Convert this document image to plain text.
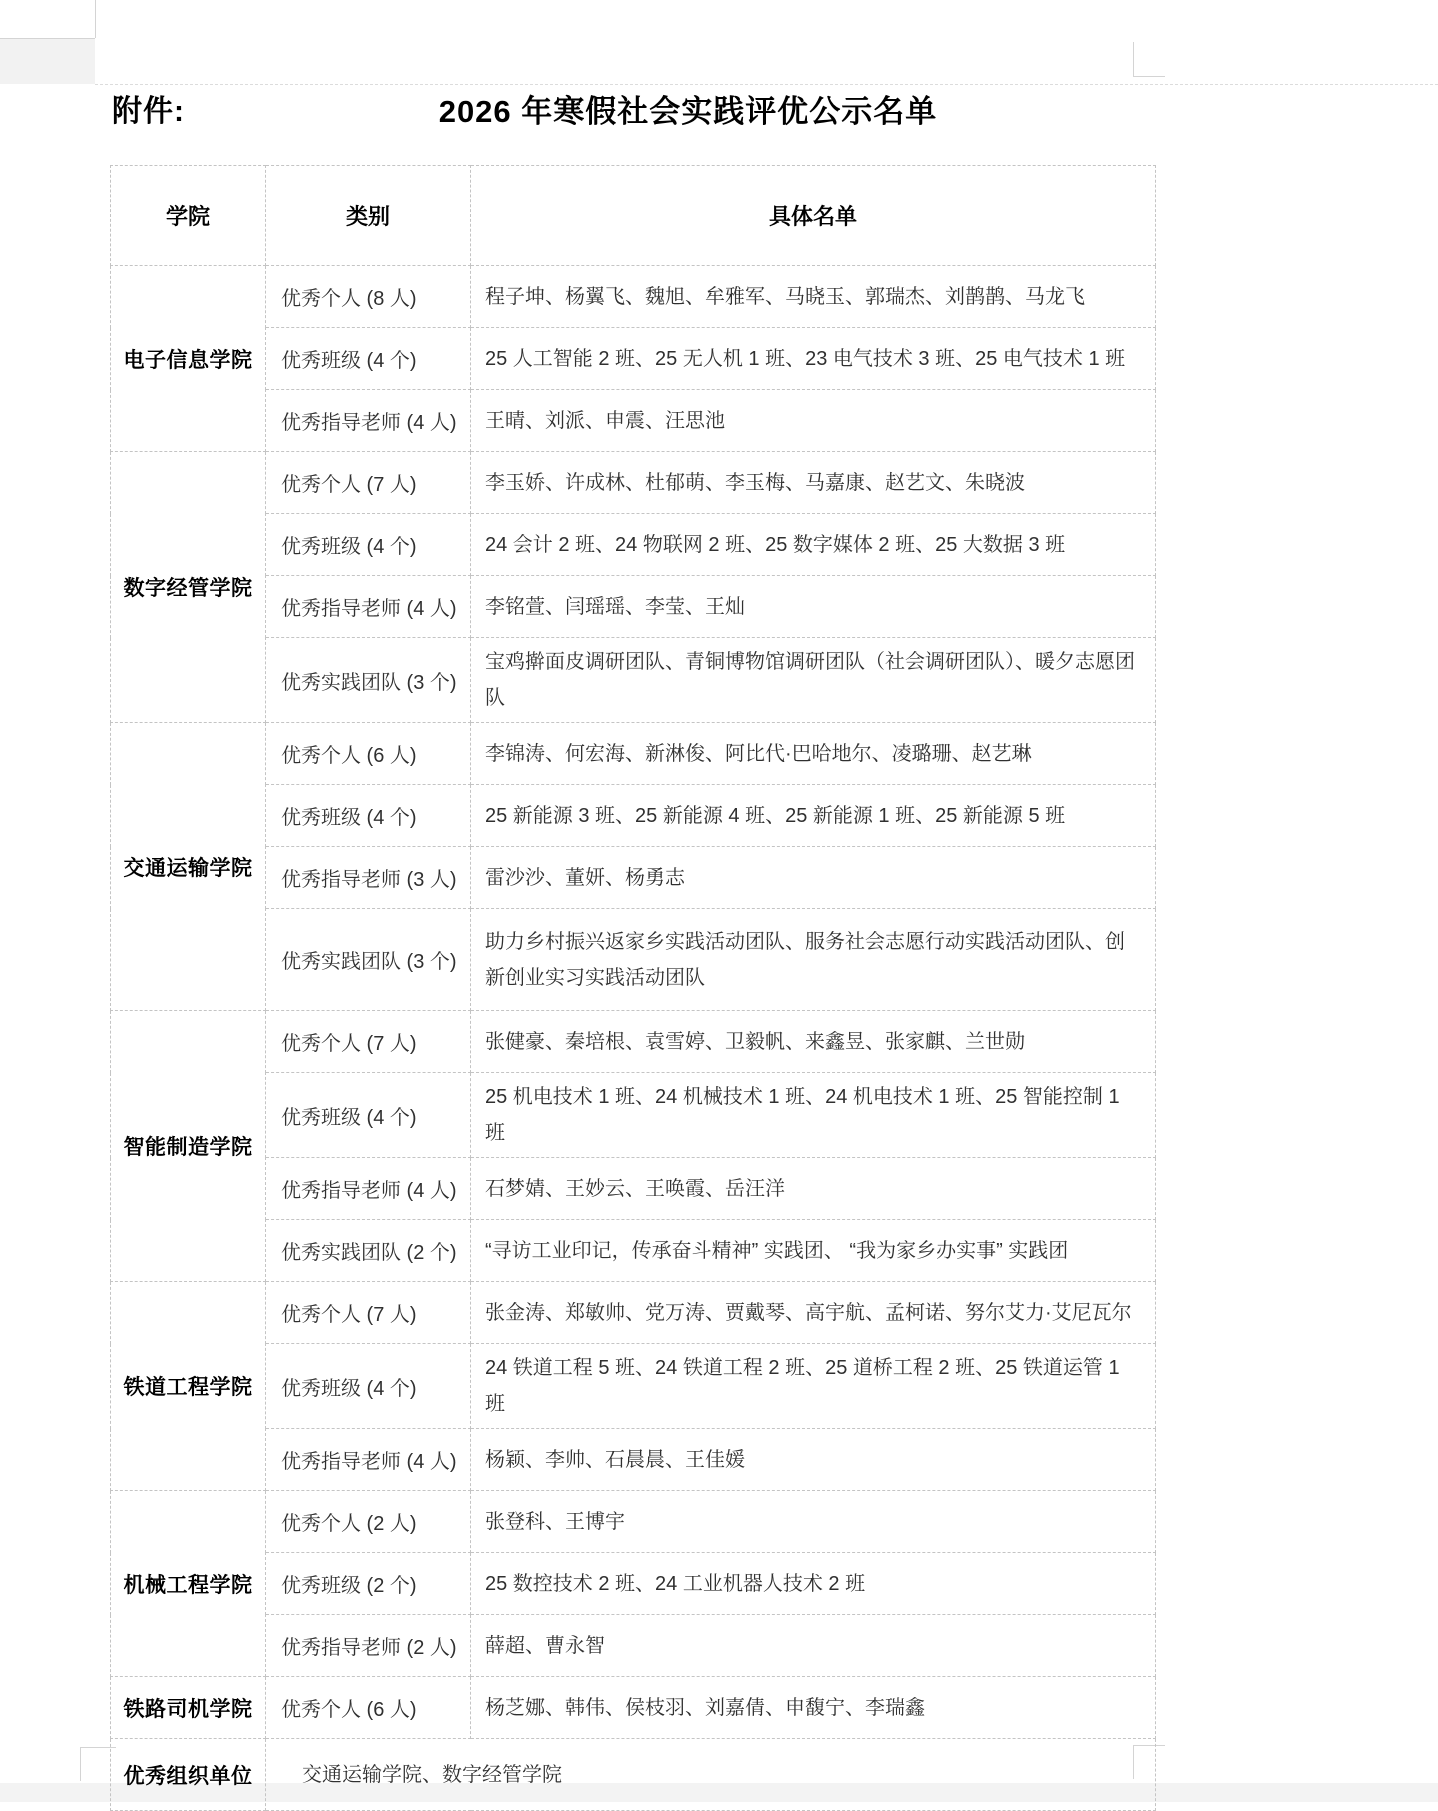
附件:	2026 年寒假社会实践评优公示名单
学院	类别	具体名单
电子信息学院	优秀个人 (8 人)	程子坤、杨翼飞、魏旭、牟雅军、马晓玉、郭瑞杰、刘鹊鹊、马龙飞
	优秀班级 (4 个)	25 人工智能 2 班、25 无人机 1 班、23 电气技术 3 班、25 电气技术 1 班
	优秀指导老师 (4 人)	王晴、刘派、申震、汪思池
数字经管学院	优秀个人 (7 人)	李玉娇、许成林、杜郁萌、李玉梅、马嘉康、赵艺文、朱晓波
	优秀班级 (4 个)	24 会计 2 班、24 物联网 2 班、25 数字媒体 2 班、25 大数据 3 班
	优秀指导老师 (4 人)	李铭萱、闫瑶瑶、李莹、王灿
	优秀实践团队 (3 个)	宝鸡擀面皮调研团队、青铜博物馆调研团队（社会调研团队）、暖夕志愿团队
交通运输学院	优秀个人 (6 人)	李锦涛、何宏海、新淋俊、阿比代·巴哈地尔、凌璐珊、赵艺琳
	优秀班级 (4 个)	25 新能源 3 班、25 新能源 4 班、25 新能源 1 班、25 新能源 5 班
	优秀指导老师 (3 人)	雷沙沙、董妍、杨勇志
	优秀实践团队 (3 个)	助力乡村振兴返家乡实践活动团队、服务社会志愿行动实践活动团队、创新创业实习实践活动团队
智能制造学院	优秀个人 (7 人)	张健豪、秦培根、袁雪婷、卫毅帆、来鑫昱、张家麒、兰世勋
	优秀班级 (4 个)	25 机电技术 1 班、24 机械技术 1 班、24 机电技术 1 班、25 智能控制 1 班
	优秀指导老师 (4 人)	石梦婧、王妙云、王唤霞、岳汪洋
	优秀实践团队 (2 个)	“寻访工业印记，传承奋斗精神” 实践团、 “我为家乡办实事” 实践团
铁道工程学院	优秀个人 (7 人)	张金涛、郑敏帅、党万涛、贾戴琴、高宇航、孟柯诺、努尔艾力·艾尼瓦尔
	优秀班级 (4 个)	24 铁道工程 5 班、24 铁道工程 2 班、25 道桥工程 2 班、25 铁道运管 1 班
	优秀指导老师 (4 人)	杨颖、李帅、石晨晨、王佳媛
机械工程学院	优秀个人 (2 人)	张登科、王博宇
	优秀班级 (2 个)	25 数控技术 2 班、24 工业机器人技术 2 班
	优秀指导老师 (2 人)	薛超、曹永智
铁路司机学院	优秀个人 (6 人)	杨芝娜、韩伟、侯枝羽、刘嘉倩、申馥宁、李瑞鑫
优秀组织单位	交通运输学院、数字经管学院	
